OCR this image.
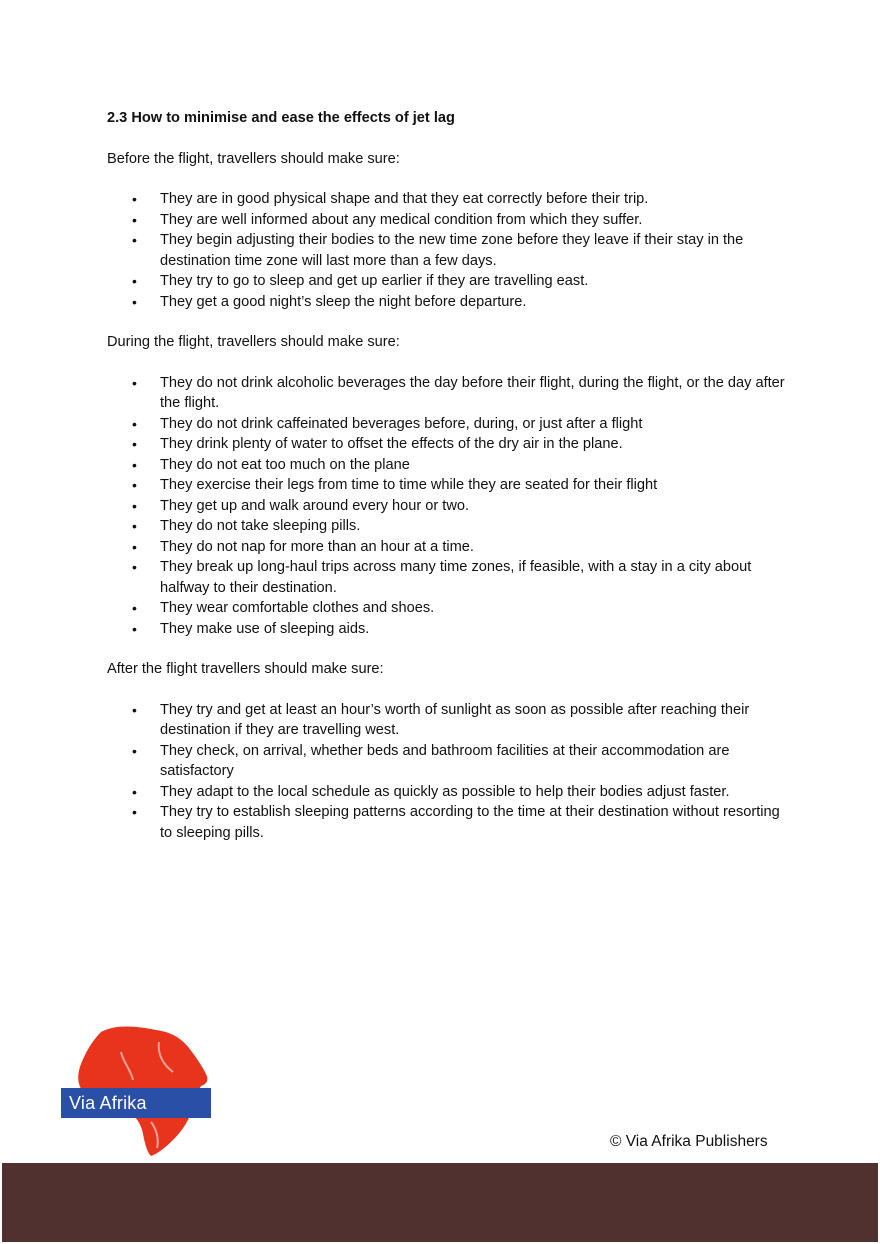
2.3 How to minimise and ease the effects of jet lag
Before the flight, travellers should make sure:
• They are in good physical shape and that they eat correctly before their trip.
• They are well informed about any medical condition from which they suffer.
• They begin adjusting their bodies to the new time zone before they leave if their stay in the destination time zone will last more than a few days.
• They try to go to sleep and get up earlier if they are travelling east.
• They get a good night’s sleep the night before departure.
During the flight, travellers should make sure:
• They do not drink alcoholic beverages the day before their flight, during the flight, or the day after the flight.
• They do not drink caffeinated beverages before, during, or just after a flight
• They drink plenty of water to offset the effects of the dry air in the plane.
• They do not eat too much on the plane
• They exercise their legs from time to time while they are seated for their flight
• They get up and walk around every hour or two.
• They do not take sleeping pills.
• They do not nap for more than an hour at a time.
• They break up long-haul trips across many time zones, if feasible, with a stay in a city about halfway to their destination.
• They wear comfortable clothes and shoes.
• They make use of sleeping aids.
After the flight travellers should make sure:
• They try and get at least an hour’s worth of sunlight as soon as possible after reaching their destination if they are travelling west.
• They check, on arrival, whether beds and bathroom facilities at their accommodation are satisfactory
• They adapt to the local schedule as quickly as possible to help their bodies adjust faster.
• They try to establish sleeping patterns according to the time at their destination without resorting to sleeping pills.
Via Afrika
© Via Afrika Publishers
